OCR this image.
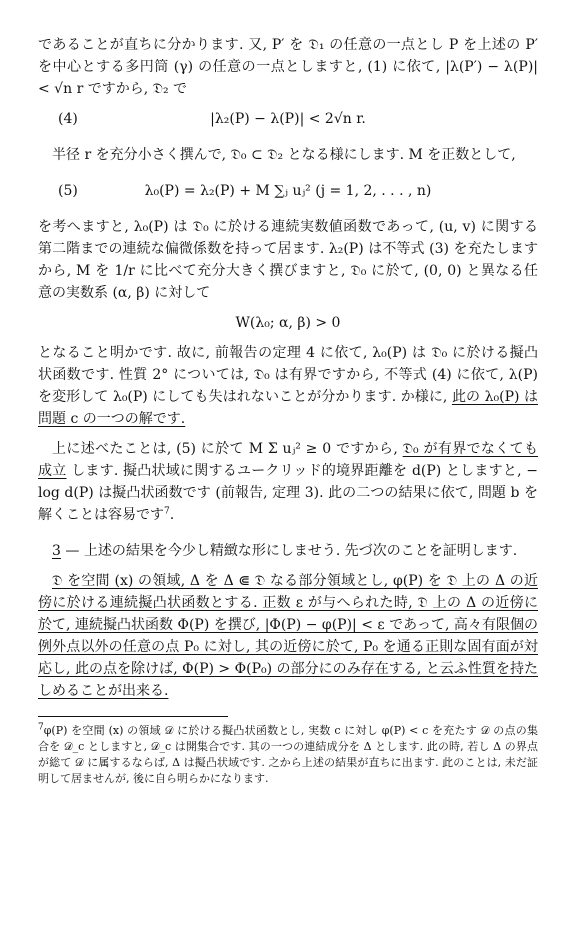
であることが直ちに分かります. 又, P′ を 𝔇₁ の任意の一点とし P を上述の P′ を中心とする多円筒 (γ) の任意の一点としますと, (1) に依て, |λ(P′) − λ(P)| < √n r ですから, 𝔇₂ で

(4)	|λ₂(P) − λ(P)| < 2√n r.

半径 r を充分小さく撰んで, 𝔇₀ ⊂ 𝔇₂ となる様にします. M を正数として,

(5)	λ₀(P) = λ₂(P) + M ∑ⱼ uⱼ² (j = 1, 2, . . . , n)

を考へますと, λ₀(P) は 𝔇₀ に於ける連続実数値函数であって, (u, v) に関する第二階までの連続な偏微係数を持って居ます. λ₂(P) は不等式 (3) を充たしますから, M を 1/r に比べて充分大きく撰びますと, 𝔇₀ に於て, (0, 0) と異なる任意の実数系 (α, β) に対して

W(λ₀; α, β) > 0

となること明かです. 故に, 前報告の定理 4 に依て, λ₀(P) は 𝔇₀ に於ける擬凸状函数です. 性質 2° については, 𝔇₀ は有界ですから, 不等式 (4) に依て, λ(P) を変形して λ₀(P) にしても失はれないことが分かります. か様に, 此の λ₀(P) は問題 c の一つの解です.

上に述べたことは, (5) に於て M Σ uⱼ² ≥ 0 ですから, 𝔇₀ が有界でなくても成立 します. 擬凸状域に関するユークリッド的境界距離を d(P) としますと, − log d(P) は擬凸状函数です (前報告, 定理 3). 此の二つの結果に依て, 問題 b を解くことは容易です$^7$.

3 — 上述の結果を今少し精緻な形にしませう. 先づ次のことを証明します.

𝔇 を空間 (x) の領域, Δ を Δ ⋐ 𝔇 なる部分領域とし, φ(P) を 𝔇 上の Δ の近傍に於ける連続擬凸状函数とする. 正数 ε が与へられた時, 𝔇 上の Δ の近傍に於て, 連続擬凸状函数 Φ(P) を撰び, |Φ(P) − φ(P)| < ε であって, 高々有限個の例外点以外の任意の点 P₀ に対し, 其の近傍に於て, P₀ を通る正則な固有面が対応し, 此の点を除けば, Φ(P) > Φ(P₀) の部分にのみ存在する, と云ふ性質を持たしめることが出来る.

$^7$φ(P) を空間 (x) の領域 𝒟 に於ける擬凸状函数とし, 実数 c に対し φ(P) < c を充たす 𝒟 の点の集合を 𝒟_c としますと, 𝒟_c は開集合です. 其の一つの連結成分を Δ とします. 此の時, 若し Δ の界点が総て 𝒟 に属するならば, Δ は擬凸状域です. 之から上述の結果が直ちに出ます. 此のことは, 未だ証明して居ませんが, 後に自ら明らかになります.
